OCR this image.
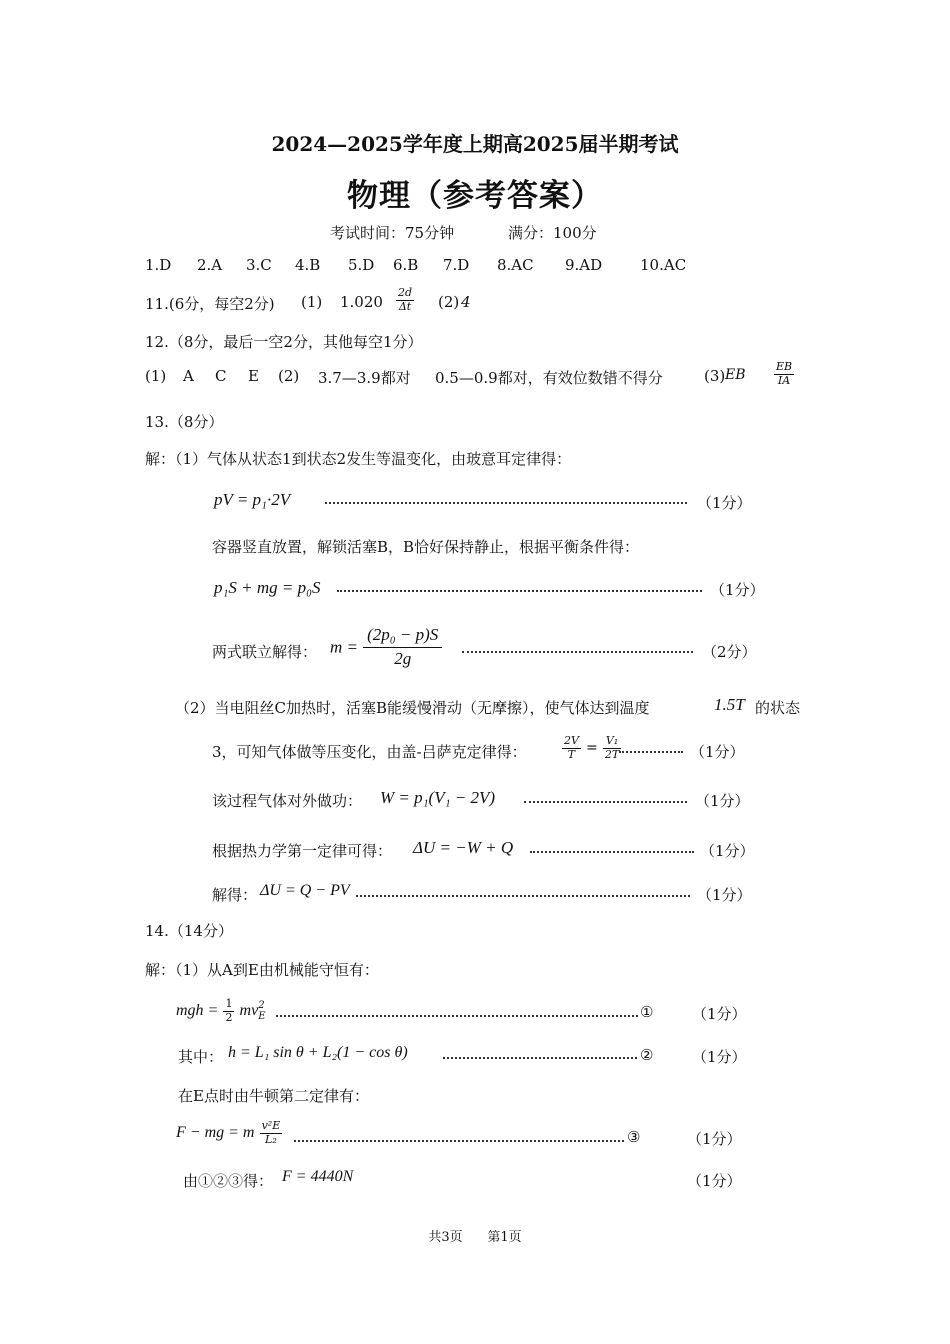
2024—2025学年度上期高2025届半期考试
物理（参考答案）
考试时间：75分钟	满分：100分
1.D 2.A 3.C 4.B 5.D 6.B 7.D 8.AC 9.AD	10.AC
11.(6分，每空2分) (1) $1.020 \frac{2d}{\Delta t} (2)$ 4
12.（8分，最后一空2分，其他每空1分）
(1) A C E (2) 3.7—3.9都对 0.5—0.9都对，有效位数错不得分	(3) EB	$\frac{EB}{IA}$
13.（8分）
解：（1）气体从状态1到状态2发生等温变化，由玻意耳定律得：
pV = p₁·2V	（1分）
容器竖直放置，解锁活塞B，B恰好保持静止，根据平衡条件得：
p₁S + mg = p₀S	（1分）
两式联立解得： $m = \frac{\text{(2p₀ − p)S}}{2g}$	（2分）
（2）当电阻丝C加热时，活塞B能缓慢滑动（无摩擦），使气体达到温度	1.5T 的状态
3，可知气体做等压变化，由盖-吕萨克定律得：	$\frac{2V}{T} = \frac{\text{V₁}}{2T}$	（1分）
该过程气体对外做功： W = p₁(V₁ − 2V)	（1分）
根据热力学第一定律可得： ΔU = −W + Q	（1分）
解得： ΔU = Q − PV	（1分）
14.（14分）
解：（1）从A到E由机械能守恒有：
mgh = $\frac{1}{2}$ mv 2
E	①	（1分）
其中： h = L₁ sin θ + L₂(1 − cos θ)	②	（1分）
在E点时由牛顿第二定律有：
F − mg = m $\frac{\text{v²E}}{\text{L₂}}$	③	（1分）
由①②③得： F = 4440N	（1分）
共3页 第1页
